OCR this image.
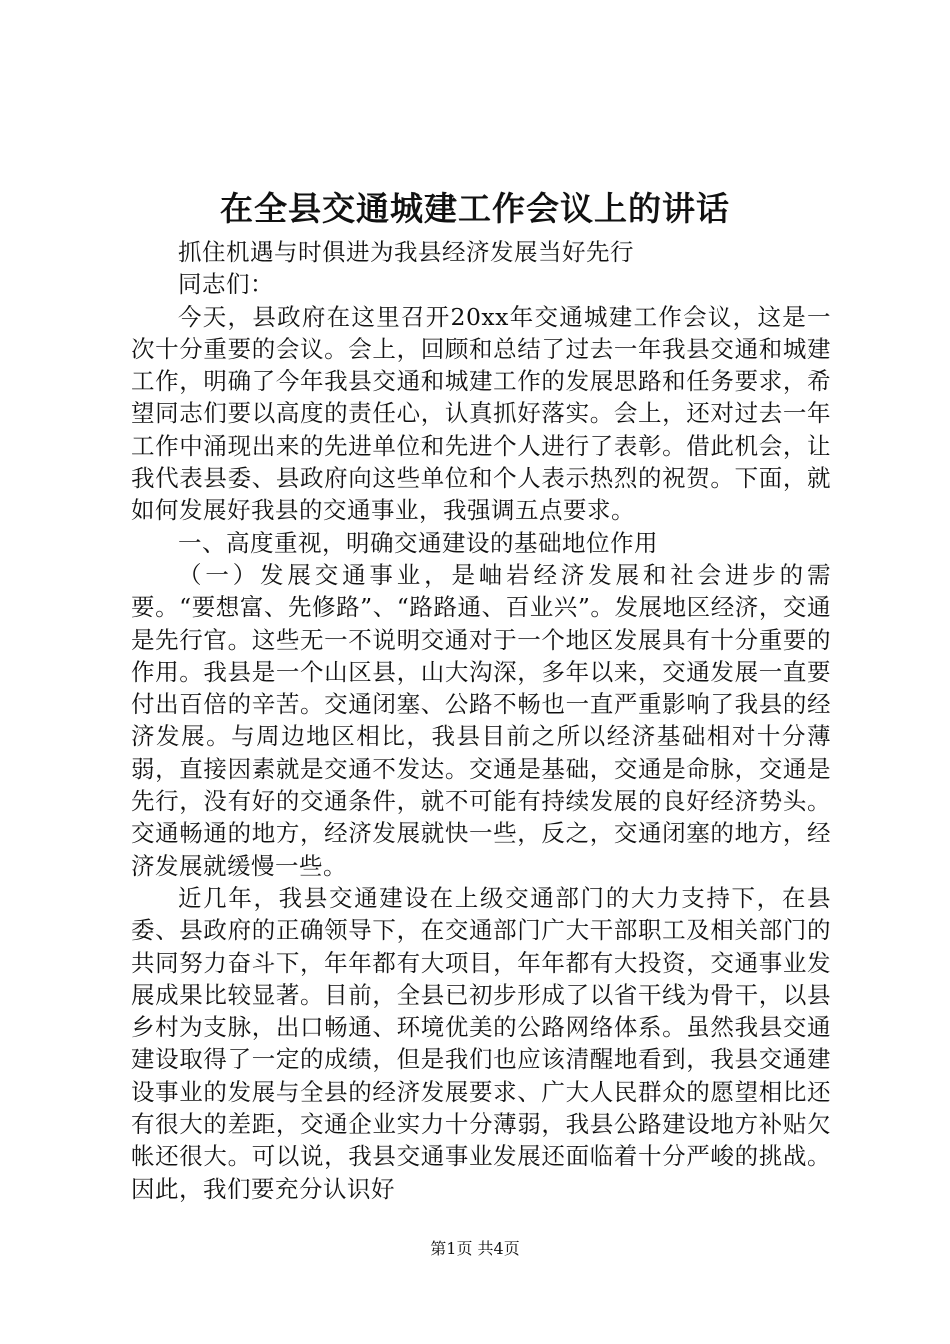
在全县交通城建工作会议上的讲话

抓住机遇与时俱进为我县经济发展当好先行

同志们：

今天，县政府在这里召开20xx年交通城建工作会议，这是一次十分重要的会议。会上，回顾和总结了过去一年我县交通和城建工作，明确了今年我县交通和城建工作的发展思路和任务要求，希望同志们要以高度的责任心，认真抓好落实。会上，还对过去一年工作中涌现出来的先进单位和先进个人进行了表彰。借此机会，让我代表县委、县政府向这些单位和个人表示热烈的祝贺。下面，就如何发展好我县的交通事业，我强调五点要求。

一、高度重视，明确交通建设的基础地位作用

（一）发展交通事业，是岫岩经济发展和社会进步的需要。“要想富、先修路”、“路路通、百业兴”。发展地区经济，交通是先行官。这些无一不说明交通对于一个地区发展具有十分重要的作用。我县是一个山区县，山大沟深，多年以来，交通发展一直要付出百倍的辛苦。交通闭塞、公路不畅也一直严重影响了我县的经济发展。与周边地区相比，我县目前之所以经济基础相对十分薄弱，直接因素就是交通不发达。交通是基础，交通是命脉，交通是先行，没有好的交通条件，就不可能有持续发展的良好经济势头。交通畅通的地方，经济发展就快一些，反之，交通闭塞的地方，经济发展就缓慢一些。

近几年，我县交通建设在上级交通部门的大力支持下，在县委、县政府的正确领导下，在交通部门广大干部职工及相关部门的共同努力奋斗下，年年都有大项目，年年都有大投资，交通事业发展成果比较显著。目前，全县已初步形成了以省干线为骨干，以县乡村为支脉，出口畅通、环境优美的公路网络体系。虽然我县交通建设取得了一定的成绩，但是我们也应该清醒地看到，我县交通建设事业的发展与全县的经济发展要求、广大人民群众的愿望相比还有很大的差距，交通企业实力十分薄弱，我县公路建设地方补贴欠帐还很大。可以说，我县交通事业发展还面临着十分严峻的挑战。因此，我们要充分认识好

第1页 共4页
